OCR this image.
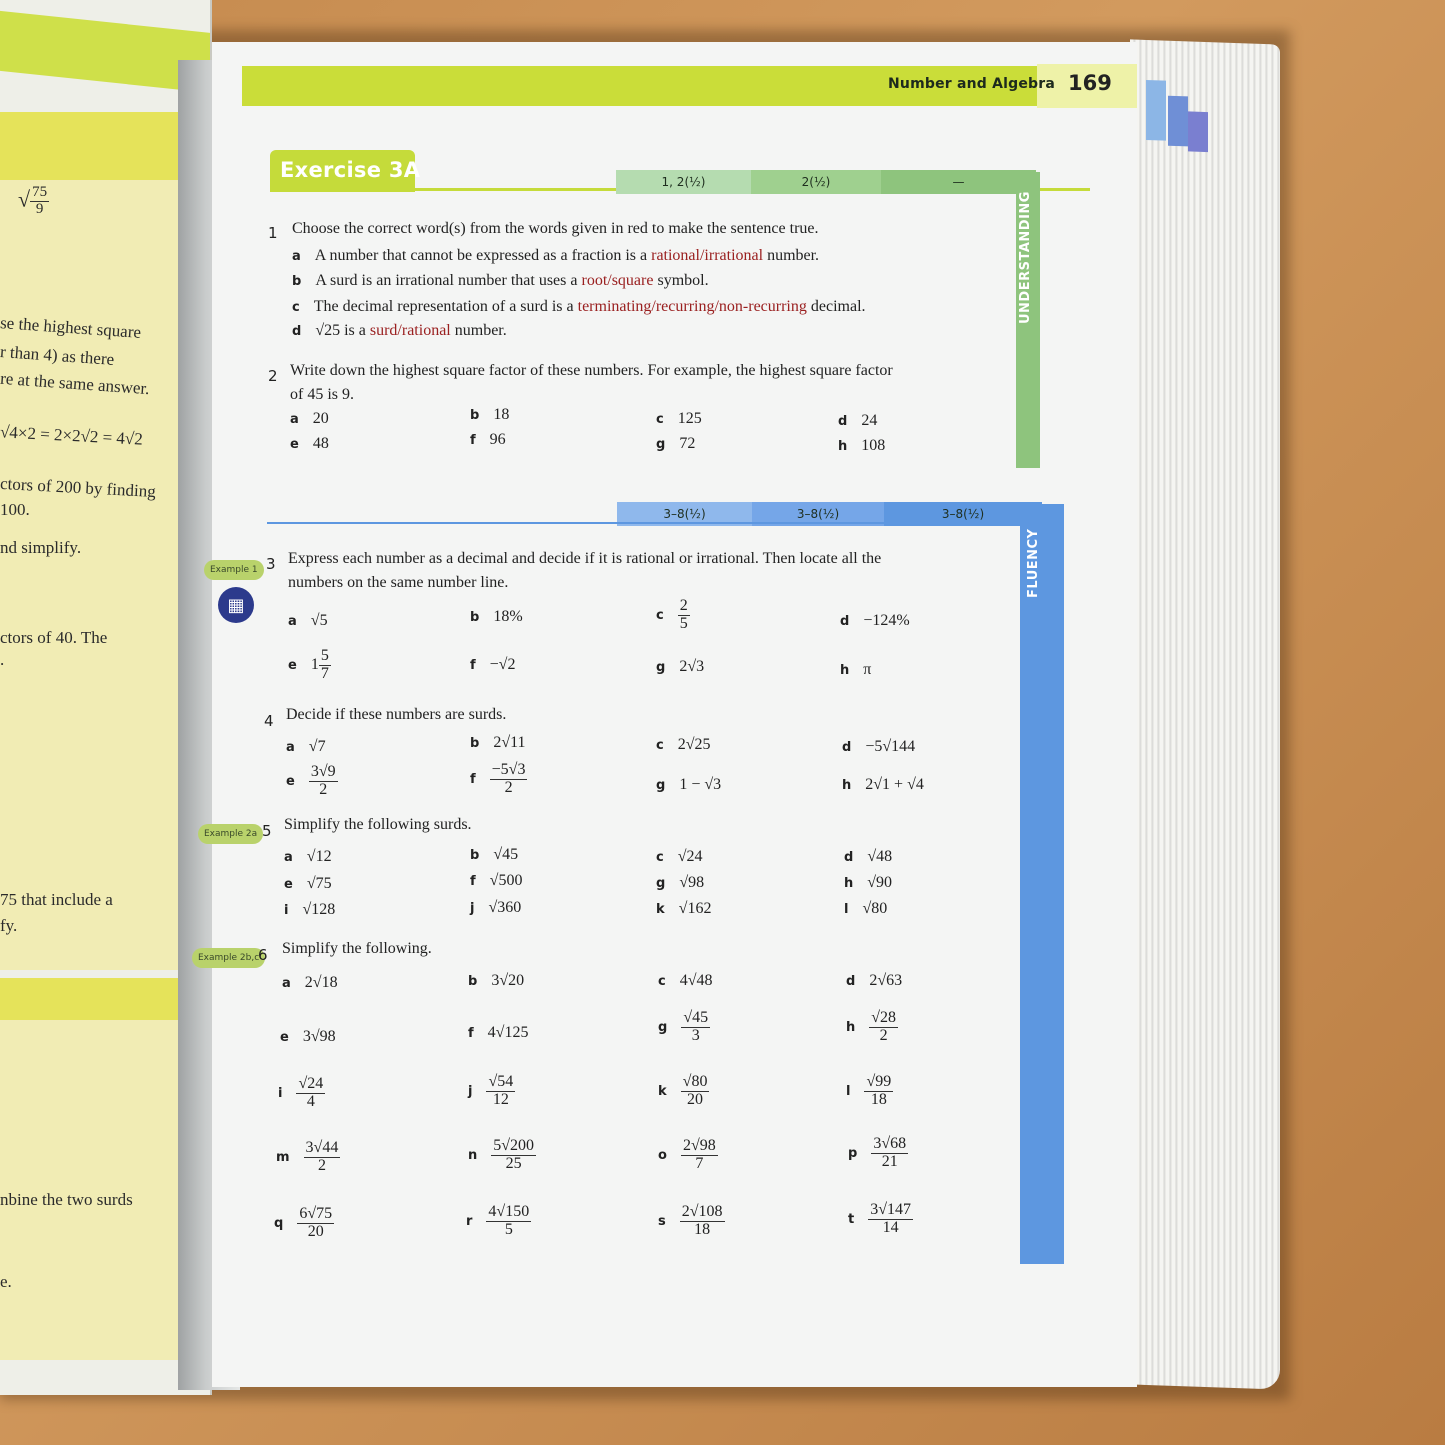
√ $\frac{75}{9}$
se the highest square
r than 4) as there
re at the same answer.
√4×2 = 2×2√2 = 4√2
ctors of 200 by finding
100.
nd simplify.
ctors of 40. The
.
75 that include a
fy.
nbine the two surds
e.
Number and Algebra 169
Exercise 3A	1, 2(½)	2(½)	—
UNDERSTANDING
1 Choose the correct word(s) from the words given in red to make the sentence true.
a A number that cannot be expressed as a fraction is a rational/irrational number.
b A surd is an irrational number that uses a root/square symbol.
c The decimal representation of a surd is a terminating/recurring/non-recurring decimal.
d √25 is a surd/rational number.
2 Write down the highest square factor of these numbers. For example, the highest square factor
of 45 is 9.
a 20	b 18	c 125	d 24
e 48	f 96	g 72	h 108
3–8(½)	3–8(½)	3–8(½)
FLUENCY
Example 1
▦
Example 2a
Example 2b,c
3 Express each number as a decimal and decide if it is rational or irrational. Then locate all the
numbers on the same number line.
a √5	b 18%	c $\frac{2}{5}$	d −124%
e $1 \frac{5}{7}$	f −√2	g 2√3	h π
4 Decide if these numbers are surds.
a √7	b 2√11	c 2√25	d −5√144
e $\frac{3√9}{2}$	f $\frac{-5√3}{2}$	g 1 − √3	h 2√1 + √4
5 Simplify the following surds.
a √12	b √45	c √24	d √48
e √75	f √500	g √98	h √90
i √128	j √360	k √162	l √80
6 Simplify the following.
a 2√18	b 3√20	c 4√48	d 2√63
e 3√98	f 4√125	g $\frac{√45}{3}$	h $\frac{√28}{2}$
i $\frac{√24}{4}$	j $\frac{√54}{12}$	k $\frac{√80}{20}$	l $\frac{√99}{18}$
m $\frac{3√44}{2}$	n $\frac{5√200}{25}$	o $\frac{2√98}{7}$	p $\frac{3√68}{21}$
q $\frac{6√75}{20}$	r $\frac{4√150}{5}$	s $\frac{2√108}{18}$	t $\frac{3√147}{14}$
